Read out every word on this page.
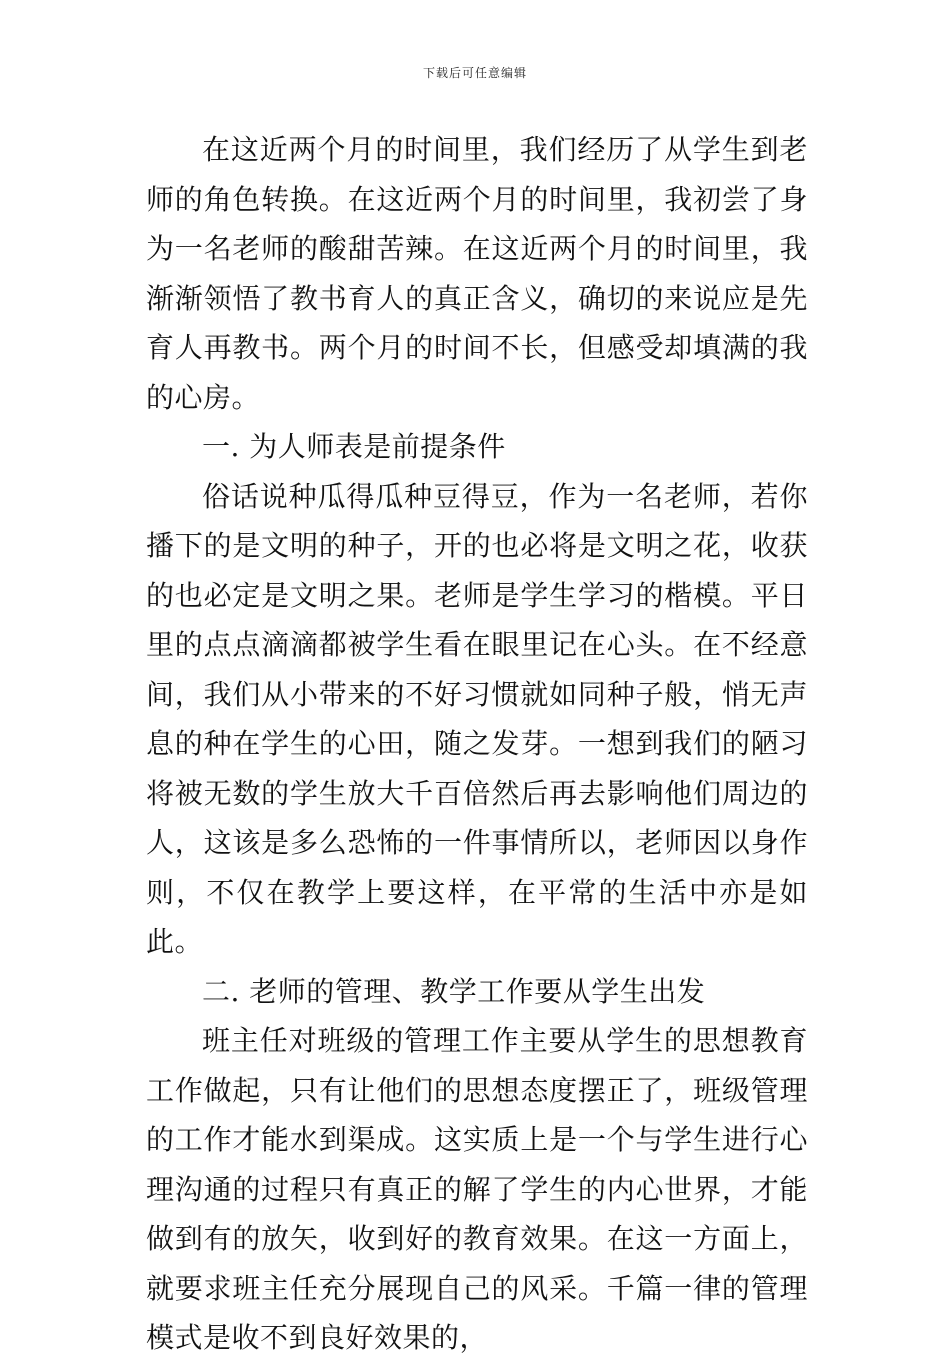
下载后可任意编辑

在这近两个月的时间里，我们经历了从学生到老师的角色转换。在这近两个月的时间里，我初尝了身为一名老师的酸甜苦辣。在这近两个月的时间里，我渐渐领悟了教书育人的真正含义，确切的来说应是先育人再教书。两个月的时间不长，但感受却填满的我的心房。

一. 为人师表是前提条件

俗话说种瓜得瓜种豆得豆，作为一名老师，若你播下的是文明的种子，开的也必将是文明之花，收获的也必定是文明之果。老师是学生学习的楷模。平日里的点点滴滴都被学生看在眼里记在心头。在不经意间，我们从小带来的不好习惯就如同种子般，悄无声息的种在学生的心田，随之发芽。一想到我们的陋习将被无数的学生放大千百倍然后再去影响他们周边的人，这该是多么恐怖的一件事情所以，老师因以身作则，不仅在教学上要这样，在平常的生活中亦是如此。

二. 老师的管理、教学工作要从学生出发

班主任对班级的管理工作主要从学生的思想教育工作做起，只有让他们的思想态度摆正了，班级管理的工作才能水到渠成。这实质上是一个与学生进行心理沟通的过程只有真正的解了学生的内心世界，才能做到有的放矢，收到好的教育效果。在这一方面上，就要求班主任充分展现自己的风采。千篇一律的管理模式是收不到良好效果的，
